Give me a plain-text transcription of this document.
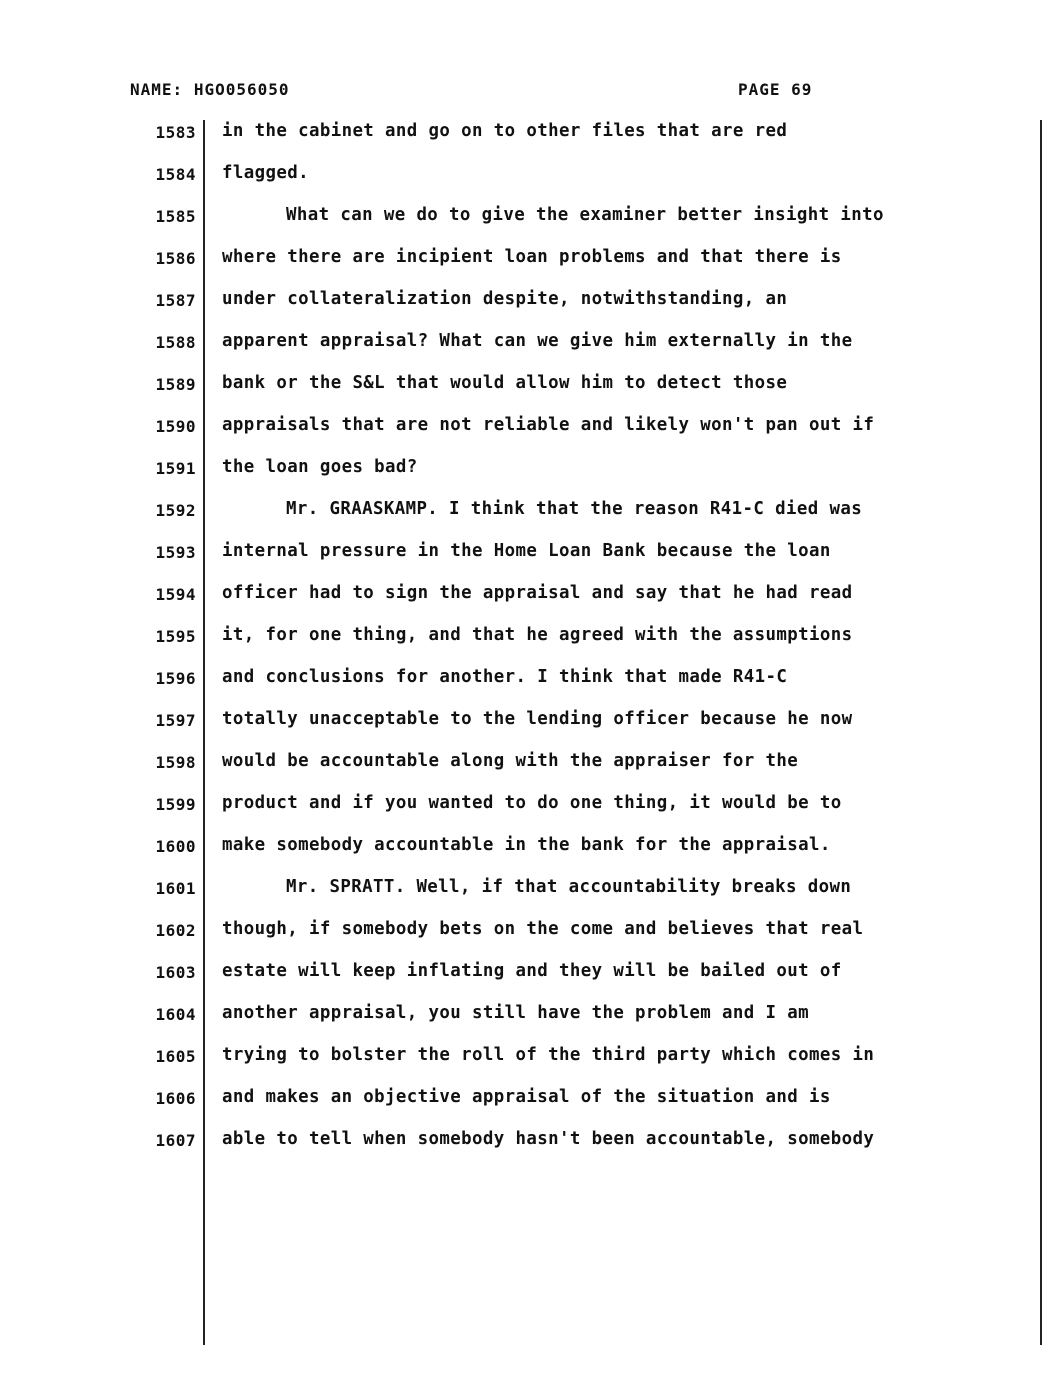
NAME: HGO056050	PAGE 69
1583 in the cabinet and go on to other files that are red
1584 flagged.
1585	What can we do to give the examiner better insight into
1586 where there are incipient loan problems and that there is
1587 under collateralization despite, notwithstanding, an
1588 apparent appraisal? What can we give him externally in the
1589 bank or the S&L that would allow him to detect those
1590 appraisals that are not reliable and likely won't pan out if
1591 the loan goes bad?
1592	Mr. GRAASKAMP. I think that the reason R41-C died was
1593 internal pressure in the Home Loan Bank because the loan
1594 officer had to sign the appraisal and say that he had read
1595 it, for one thing, and that he agreed with the assumptions
1596 and conclusions for another. I think that made R41-C
1597 totally unacceptable to the lending officer because he now
1598 would be accountable along with the appraiser for the
1599 product and if you wanted to do one thing, it would be to
1600 make somebody accountable in the bank for the appraisal.
1601	Mr. SPRATT. Well, if that accountability breaks down
1602 though, if somebody bets on the come and believes that real
1603 estate will keep inflating and they will be bailed out of
1604 another appraisal, you still have the problem and I am
1605 trying to bolster the roll of the third party which comes in
1606 and makes an objective appraisal of the situation and is
1607 able to tell when somebody hasn't been accountable, somebody
